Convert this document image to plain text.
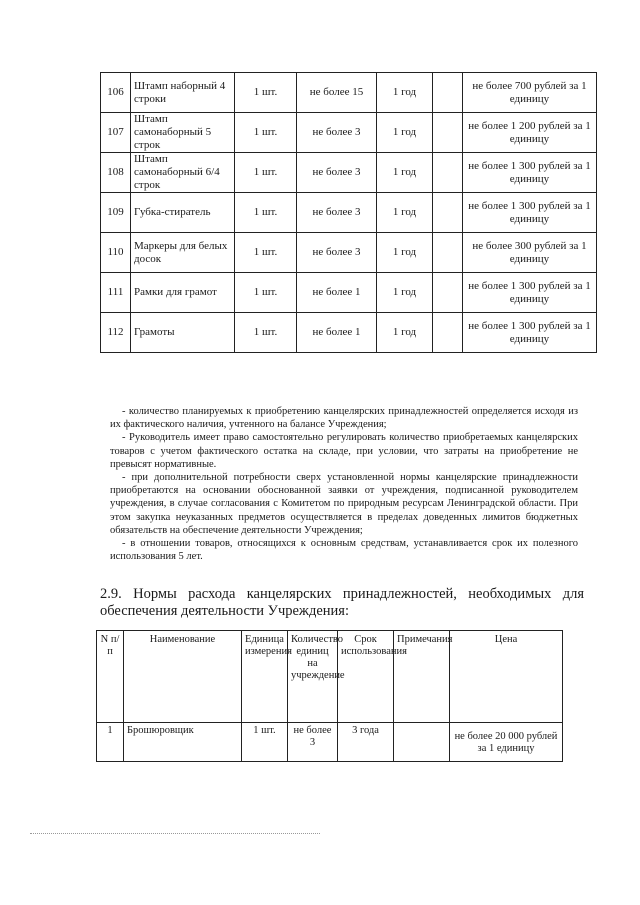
106	Штамп наборный 4 строки	1 шт.	не более 15	1 год		не более 700 рублей за 1 единицу
107	Штамп самонаборный 5 строк	1 шт.	не более 3	1 год		не более 1 200 рублей за 1 единицу
108	Штамп самонаборный 6/4 строк	1 шт.	не более 3	1 год		не более 1 300 рублей за 1 единицу
109	Губка-стиратель	1 шт.	не более 3	1 год		не более 1 300 рублей за 1 единицу
110	Маркеры для белых досок	1 шт.	не более 3	1 год		не более 300 рублей за 1 единицу
111	Рамки для грамот	1 шт.	не более 1	1 год		не более 1 300 рублей за 1 единицу
112	Грамоты	1 шт.	не более 1	1 год		не более 1 300 рублей за 1 единицу

- количество планируемых к приобретению канцелярских принадлежностей определяется исходя из их фактического наличия, учтенного на балансе Учреждения;

- Руководитель имеет право самостоятельно регулировать количество приобретаемых канцелярских товаров с учетом фактического остатка на складе, при условии, что затраты на приобретение не превысят нормативные.

- при дополнительной потребности сверх установленной нормы канцелярские принадлежности приобретаются на основании обоснованной заявки от учреждения, подписанной руководителем учреждения, в случае согласования с Комитетом по природным ресурсам Ленинградской области. При этом закупка неуказанных предметов осуществляется в пределах доведенных лимитов бюджетных обязательств на обеспечение деятельности Учреждения;

- в отношении товаров, относящихся к основным средствам, устанавливается срок их полезного использования 5 лет.

2.9. Нормы расхода канцелярских принадлежностей, необходимых для обеспечения деятельности Учреждения:

N п/п	Наименование	Единица измерения	Количество единиц на учреждение	Срок использования	Примечания	Цена
1	Брошюровщик	1 шт.	не более 3	3 года		не более 20 000 рублей за 1 единицу
